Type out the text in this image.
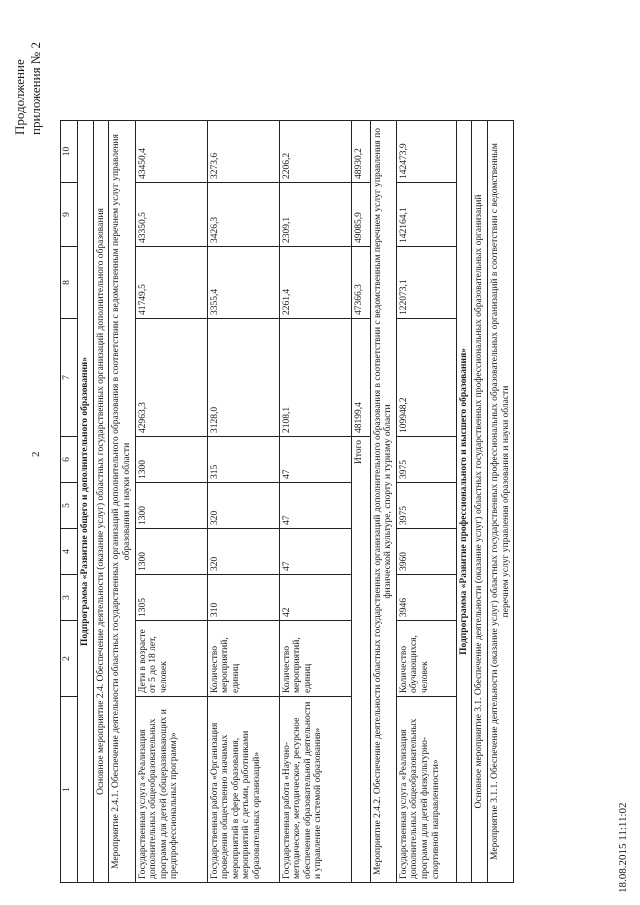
Продолжение приложения № 2
2
1	2	3	4	5	6	7	8	9	10
Подпрограмма «Развитие общего и дополнительного образования»									
Основное мероприятие 2.4. Обеспечение деятельности (оказание услуг) областных государственных организаций дополнительного образования									
Мероприятие 2.4.1. Обеспечение деятельности областных государственных организаций дополнительного образования в соответствии с ведомственным перечнем услуг управления образования и науки области									
Государственная услуга «Реализация дополнительных общеобразовательных программ для детей (общеразвивающих и предпрофессиональных программ)»	Дети в возрасте от 5 до 18 лет, человек	1305	1300	1300	1300	42963,3	41749,5	43350,5	43450,4
Государственная работа «Организация проведения общественно значимых мероприятий в сфере образования, мероприятий с детьми, работниками образовательных организаций»	Количество мероприятий, единиц	310	320	320	315	3128,0	3355,4	3426,3	3273,6
Государственная работа «Научно-методическое, методическое, ресурсное обеспечение образовательной деятельности и управление системой образования»	Количество мероприятий, единиц	42	47	47	47	2108,1	2261,4	2309,1	2206,2
Итого						48199,4	47366,3	49085,9	48930,2
Мероприятие 2.4.2. Обеспечение деятельности областных государственных организаций дополнительного образования в соответствии с ведомственным перечнем услуг управления по физической культуре, спорту и туризму области									
Государственная услуга «Реализация дополнительных общеобразовательных программ для детей физкультурно-спортивной направленности»	Количество обучающихся, человек	3946	3960	3975	3975	109948,2	122073,1	142164,1	142473,9
Подпрограмма «Развитие профессионального и высшего образования»									
Основное мероприятие 3.1. Обеспечение деятельности (оказание услуг) областных государственных профессиональных образовательных организаций									
Мероприятие 3.1.1. Обеспечение деятельности (оказание услуг) областных государственных профессиональных образовательных организаций в соответствии с ведомственным перечнем услуг управления образования и науки области									
18.08.2015 11:11:02
